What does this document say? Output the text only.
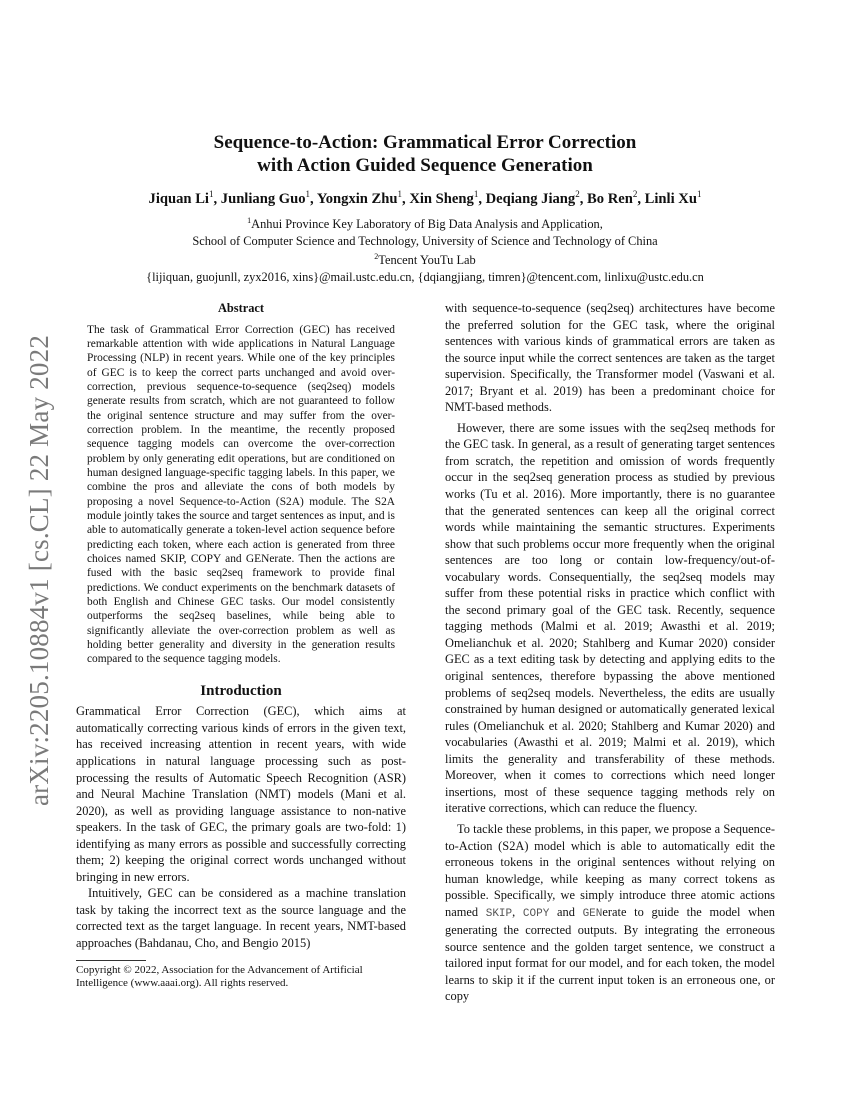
arXiv:2205.10884v1 [cs.CL] 22 May 2022
Sequence-to-Action: Grammatical Error Correction
with Action Guided Sequence Generation
Jiquan Li$^1$, Junliang Guo$^1$, Yongxin Zhu$^1$, Xin Sheng$^1$, Deqiang Jiang$^2$, Bo Ren$^2$, Linli Xu$^1$
$^1$Anhui Province Key Laboratory of Big Data Analysis and Application,
School of Computer Science and Technology, University of Science and Technology of China
$^2$Tencent YouTu Lab
{lijiquan, guojunll, zyx2016, xins}@mail.ustc.edu.cn, {dqiangjiang, timren}@tencent.com, linlixu@ustc.edu.cn
Abstract

The task of Grammatical Error Correction (GEC) has received remarkable attention with wide applications in Natural Language Processing (NLP) in recent years. While one of the key principles of GEC is to keep the correct parts unchanged and avoid over-correction, previous sequence-to-sequence (seq2seq) models generate results from scratch, which are not guaranteed to follow the original sentence structure and may suffer from the over-correction problem. In the meantime, the recently proposed sequence tagging models can overcome the over-correction problem by only generating edit operations, but are conditioned on human designed language-specific tagging labels. In this paper, we combine the pros and alleviate the cons of both models by proposing a novel Sequence-to-Action (S2A) module. The S2A module jointly takes the source and target sentences as input, and is able to automatically generate a token-level action sequence before predicting each token, where each action is generated from three choices named SKIP, COPY and GENerate. Then the actions are fused with the basic seq2seq framework to provide final predictions. We conduct experiments on the benchmark datasets of both English and Chinese GEC tasks. Our model consistently outperforms the seq2seq baselines, while being able to significantly alleviate the over-correction problem as well as holding better generality and diversity in the generation results compared to the sequence tagging models.

Introduction

Grammatical Error Correction (GEC), which aims at automatically correcting various kinds of errors in the given text, has received increasing attention in recent years, with wide applications in natural language processing such as post-processing the results of Automatic Speech Recognition (ASR) and Neural Machine Translation (NMT) models (Mani et al. 2020), as well as providing language assistance to non-native speakers. In the task of GEC, the primary goals are two-fold: 1) identifying as many errors as possible and successfully correcting them; 2) keeping the original correct words unchanged without bringing in new errors.

Intuitively, GEC can be considered as a machine translation task by taking the incorrect text as the source language and the corrected text as the target language. In recent years, NMT-based approaches (Bahdanau, Cho, and Bengio 2015)

Copyright © 2022, Association for the Advancement of Artificial Intelligence (www.aaai.org). All rights reserved.

with sequence-to-sequence (seq2seq) architectures have become the preferred solution for the GEC task, where the original sentences with various kinds of grammatical errors are taken as the source input while the correct sentences are taken as the target supervision. Specifically, the Transformer model (Vaswani et al. 2017; Bryant et al. 2019) has been a predominant choice for NMT-based methods.

However, there are some issues with the seq2seq methods for the GEC task. In general, as a result of generating target sentences from scratch, the repetition and omission of words frequently occur in the seq2seq generation process as studied by previous works (Tu et al. 2016). More importantly, there is no guarantee that the generated sentences can keep all the original correct words while maintaining the semantic structures. Experiments show that such problems occur more frequently when the original sentences are too long or contain low-frequency/out-of-vocabulary words. Consequentially, the seq2seq models may suffer from these potential risks in practice which conflict with the second primary goal of the GEC task. Recently, sequence tagging methods (Malmi et al. 2019; Awasthi et al. 2019; Omelianchuk et al. 2020; Stahlberg and Kumar 2020) consider GEC as a text editing task by detecting and applying edits to the original sentences, therefore bypassing the above mentioned problems of seq2seq models. Nevertheless, the edits are usually constrained by human designed or automatically generated lexical rules (Omelianchuk et al. 2020; Stahlberg and Kumar 2020) and vocabularies (Awasthi et al. 2019; Malmi et al. 2019), which limits the generality and transferability of these methods. Moreover, when it comes to corrections which need longer insertions, most of these sequence tagging methods rely on iterative corrections, which can reduce the fluency.

To tackle these problems, in this paper, we propose a Sequence-to-Action (S2A) model which is able to automatically edit the erroneous tokens in the original sentences without relying on human knowledge, while keeping as many correct tokens as possible. Specifically, we simply introduce three atomic actions named SKIP, COPY and GENerate to guide the model when generating the corrected outputs. By integrating the erroneous source sentence and the golden target sentence, we construct a tailored input format for our model, and for each token, the model learns to skip it if the current input token is an erroneous one, or copy
